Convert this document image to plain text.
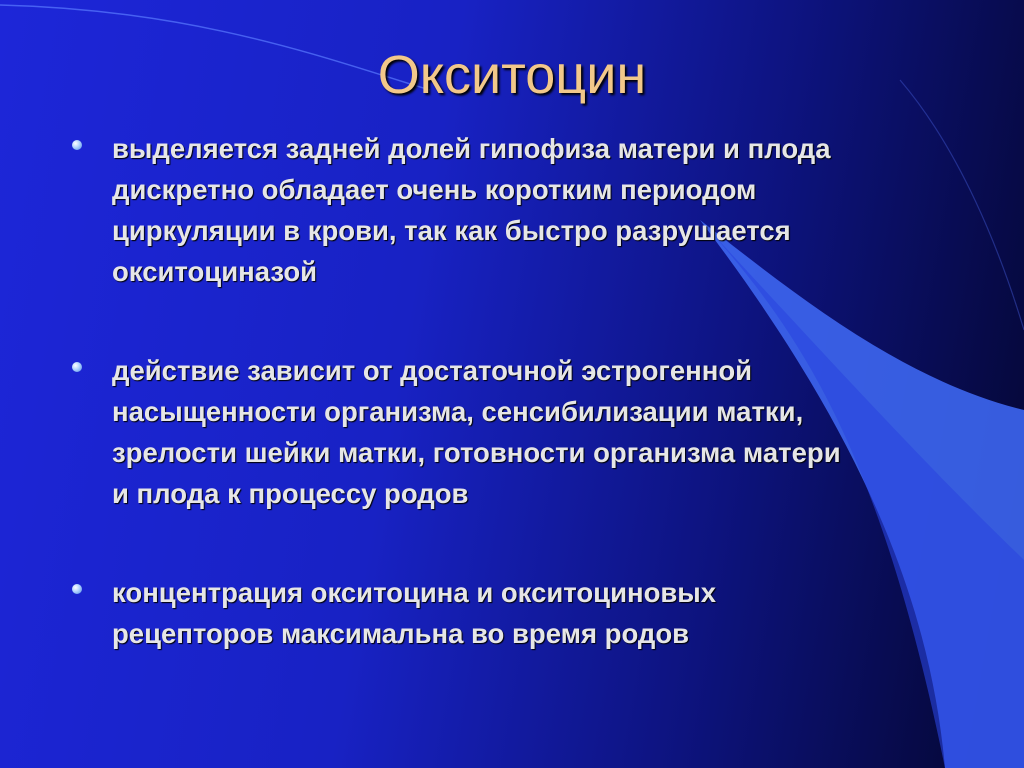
Окситоцин
выделяется задней долей гипофиза матери и плода
дискретно обладает очень коротким периодом
циркуляции в крови, так как быстро разрушается
окситоциназой
действие зависит от достаточной эстрогенной
насыщенности организма, сенсибилизации матки,
зрелости шейки матки, готовности организма матери
и плода к процессу родов
концентрация окситоцина и окситоциновых
рецепторов максимальна во время родов
